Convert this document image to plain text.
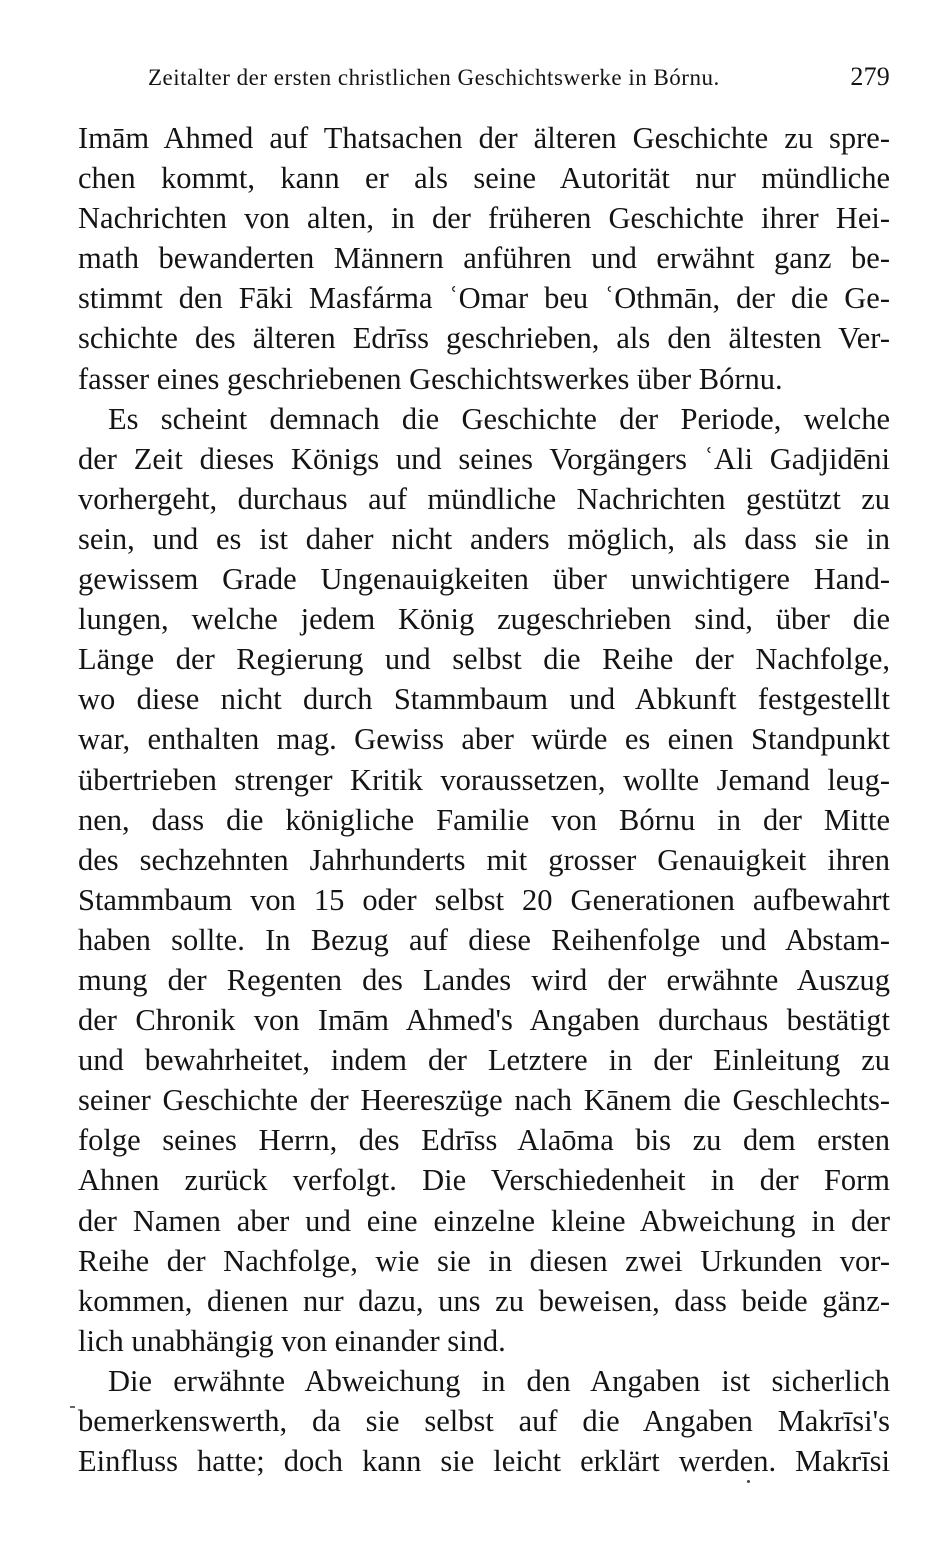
Zeitalter der ersten christlichen Geschichtswerke in Bórnu.	279
Imām Ahmed auf Thatsachen der älteren Geschichte zu spre-
chen kommt, kann er als seine Autorität nur mündliche
Nachrichten von alten, in der früheren Geschichte ihrer Hei-
math bewanderten Männern anführen und erwähnt ganz be-
stimmt den Fāki Masfárma ʿOmar beu ʿOthmān, der die Ge-
schichte des älteren Edrīss geschrieben, als den ältesten Ver-
fasser eines geschriebenen Geschichtswerkes über Bórnu.
Es scheint demnach die Geschichte der Periode, welche
der Zeit dieses Königs und seines Vorgängers ʿAli Gadjidēni
vorhergeht, durchaus auf mündliche Nachrichten gestützt zu
sein, und es ist daher nicht anders möglich, als dass sie in
gewissem Grade Ungenauigkeiten über unwichtigere Hand-
lungen, welche jedem König zugeschrieben sind, über die
Länge der Regierung und selbst die Reihe der Nachfolge,
wo diese nicht durch Stammbaum und Abkunft festgestellt
war, enthalten mag. Gewiss aber würde es einen Standpunkt
übertrieben strenger Kritik voraussetzen, wollte Jemand leug-
nen, dass die königliche Familie von Bórnu in der Mitte
des sechzehnten Jahrhunderts mit grosser Genauigkeit ihren
Stammbaum von 15 oder selbst 20 Generationen aufbewahrt
haben sollte. In Bezug auf diese Reihenfolge und Abstam-
mung der Regenten des Landes wird der erwähnte Auszug
der Chronik von Imām Ahmed's Angaben durchaus bestätigt
und bewahrheitet, indem der Letztere in der Einleitung zu
seiner Geschichte der Heereszüge nach Kānem die Geschlechts-
folge seines Herrn, des Edrīss Alaōma bis zu dem ersten
Ahnen zurück verfolgt. Die Verschiedenheit in der Form
der Namen aber und eine einzelne kleine Abweichung in der
Reihe der Nachfolge, wie sie in diesen zwei Urkunden vor-
kommen, dienen nur dazu, uns zu beweisen, dass beide gänz-
lich unabhängig von einander sind.
Die erwähnte Abweichung in den Angaben ist sicherlich
bemerkenswerth, da sie selbst auf die Angaben Makrīsi's
Einfluss hatte; doch kann sie leicht erklärt werden. Makrīsi
